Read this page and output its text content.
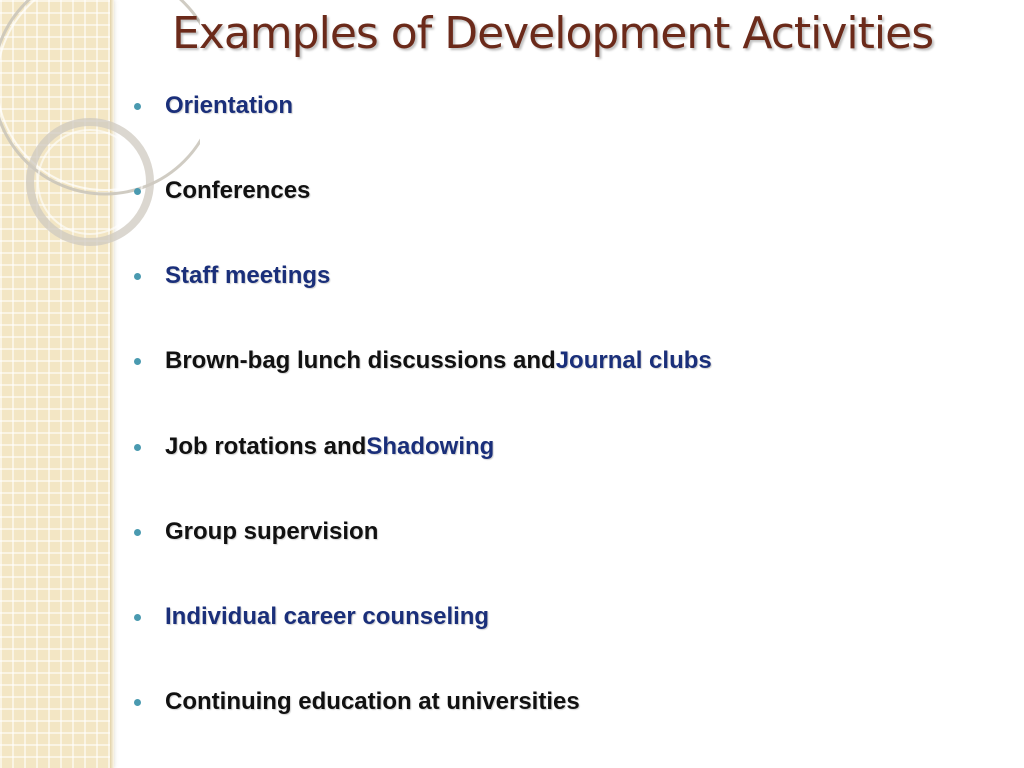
Examples of Development Activities
Orientation
Conferences
Staff meetings
Brown-bag lunch discussions and Journal clubs
Job rotations and Shadowing
Group supervision
Individual career counseling
Continuing education at universities
